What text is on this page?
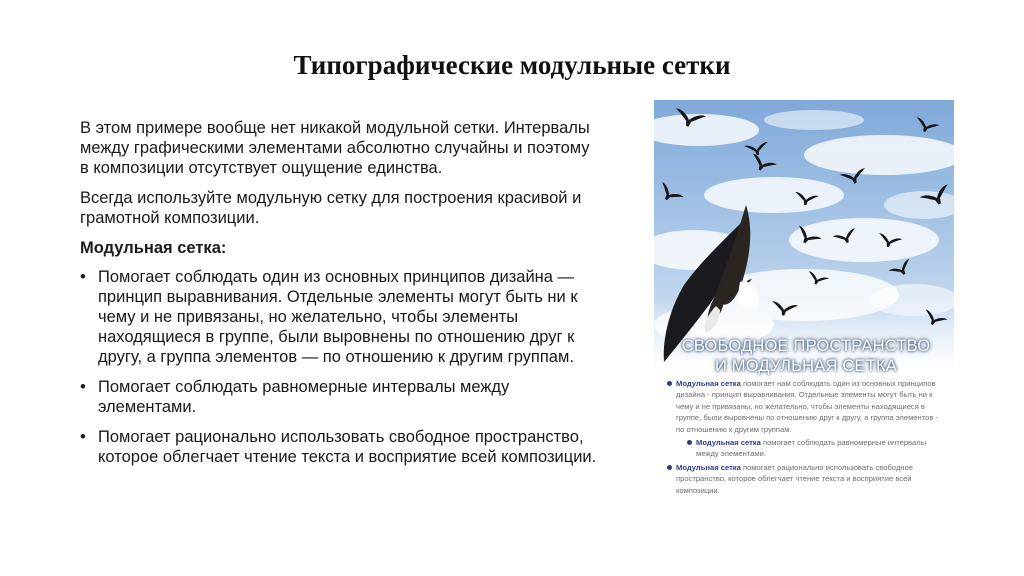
Типографические модульные сетки

В этом примере вообще нет никакой модульной сетки. Интервалы между графическими элементами абсолютно случайны и поэтому в композиции отсутствует ощущение единства.

Всегда используйте модульную сетку для построения красивой и грамотной композиции.

Модульная сетка:

• Помогает соблюдать один из основных принципов дизайна — принцип выравнивания. Отдельные элементы могут быть ни к чему и не привязаны, но желательно, чтобы элементы находящиеся в группе, были выровнены по отношению друг к другу, а группа элементов — по отношению к другим группам.
• Помогает соблюдать равномерные интервалы между элементами.
• Помогает рационально использовать свободное пространство, которое облегчает чтение текста и восприятие всей композиции.
СВОБОДНОЕ ПРОСТРАНСТВО
И МОДУЛЬНАЯ СЕТКА
Модульная сетка помогает нам соблюдать один из основных принципов дизайна - принцип выравнивания. Отдельные элементы могут быть ни к чему и не привязаны, но желательно, чтобы элементы находящиеся в группе, были выровнены по отношению друг к другу, а группа элементов - по отношению к другим группам.
Модульная сетка помогает соблюдать равномерные интервалы между элементами.
Модульная сетка помогает рационально использовать свободное пространство, которое облегчает чтение текста и восприятие всей композиции.
